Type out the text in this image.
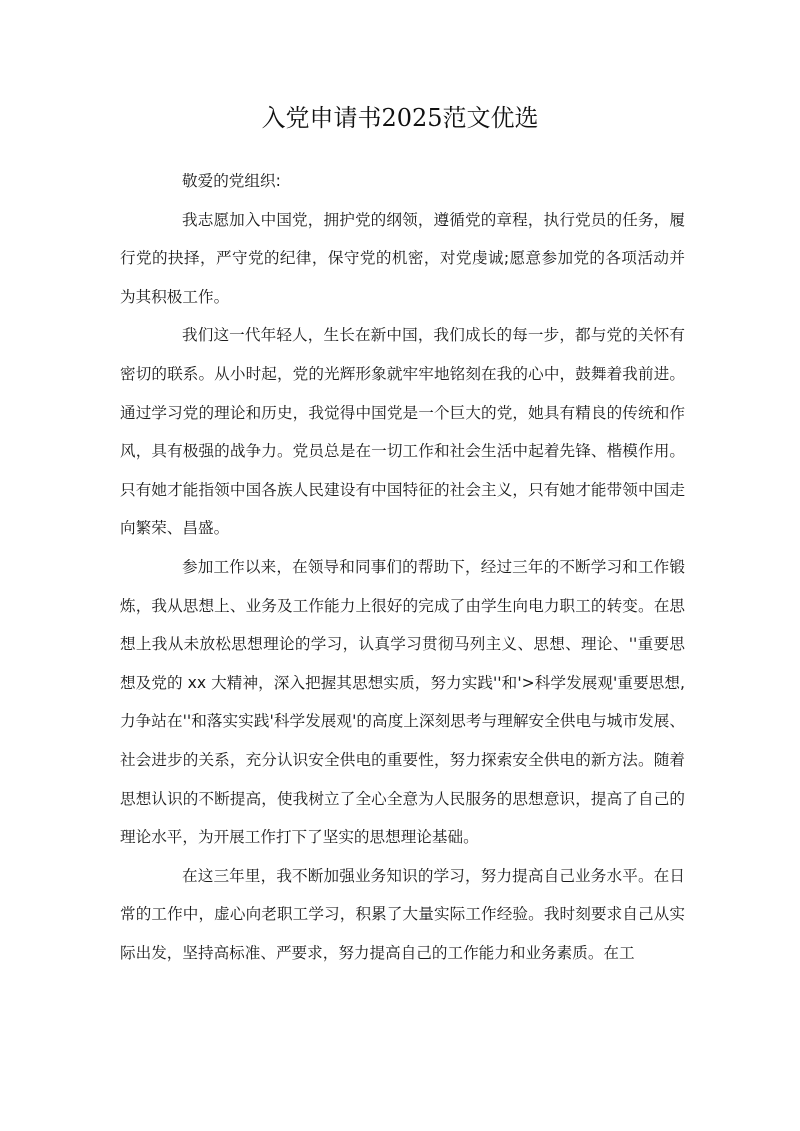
入党申请书2025范文优选

敬爱的党组织:

我志愿加入中国党，拥护党的纲领，遵循党的章程，执行党员的任务，履行党的抉择，严守党的纪律，保守党的机密，对党虔诚;愿意参加党的各项活动并为其积极工作。

我们这一代年轻人，生长在新中国，我们成长的每一步，都与党的关怀有密切的联系。从小时起，党的光辉形象就牢牢地铭刻在我的心中，鼓舞着我前进。通过学习党的理论和历史，我觉得中国党是一个巨大的党，她具有精良的传统和作风，具有极强的战争力。党员总是在一切工作和社会生活中起着先锋、楷模作用。只有她才能指领中国各族人民建设有中国特征的社会主义，只有她才能带领中国走向繁荣、昌盛。

参加工作以来，在领导和同事们的帮助下，经过三年的不断学习和工作锻炼，我从思想上、业务及工作能力上很好的完成了由学生向电力职工的转变。在思想上我从未放松思想理论的学习，认真学习贯彻马列主义、思想、理论、''重要思想及党的 xx 大精神，深入把握其思想实质，努力实践''和'>科学发展观'重要思想,力争站在''和落实实践'科学发展观'的高度上深刻思考与理解安全供电与城市发展、社会进步的关系，充分认识安全供电的重要性，努力探索安全供电的新方法。随着思想认识的不断提高，使我树立了全心全意为人民服务的思想意识，提高了自己的理论水平，为开展工作打下了坚实的思想理论基础。

在这三年里，我不断加强业务知识的学习，努力提高自己业务水平。在日常的工作中，虚心向老职工学习，积累了大量实际工作经验。我时刻要求自己从实际出发，坚持高标准、严要求，努力提高自己的工作能力和业务素质。在工
